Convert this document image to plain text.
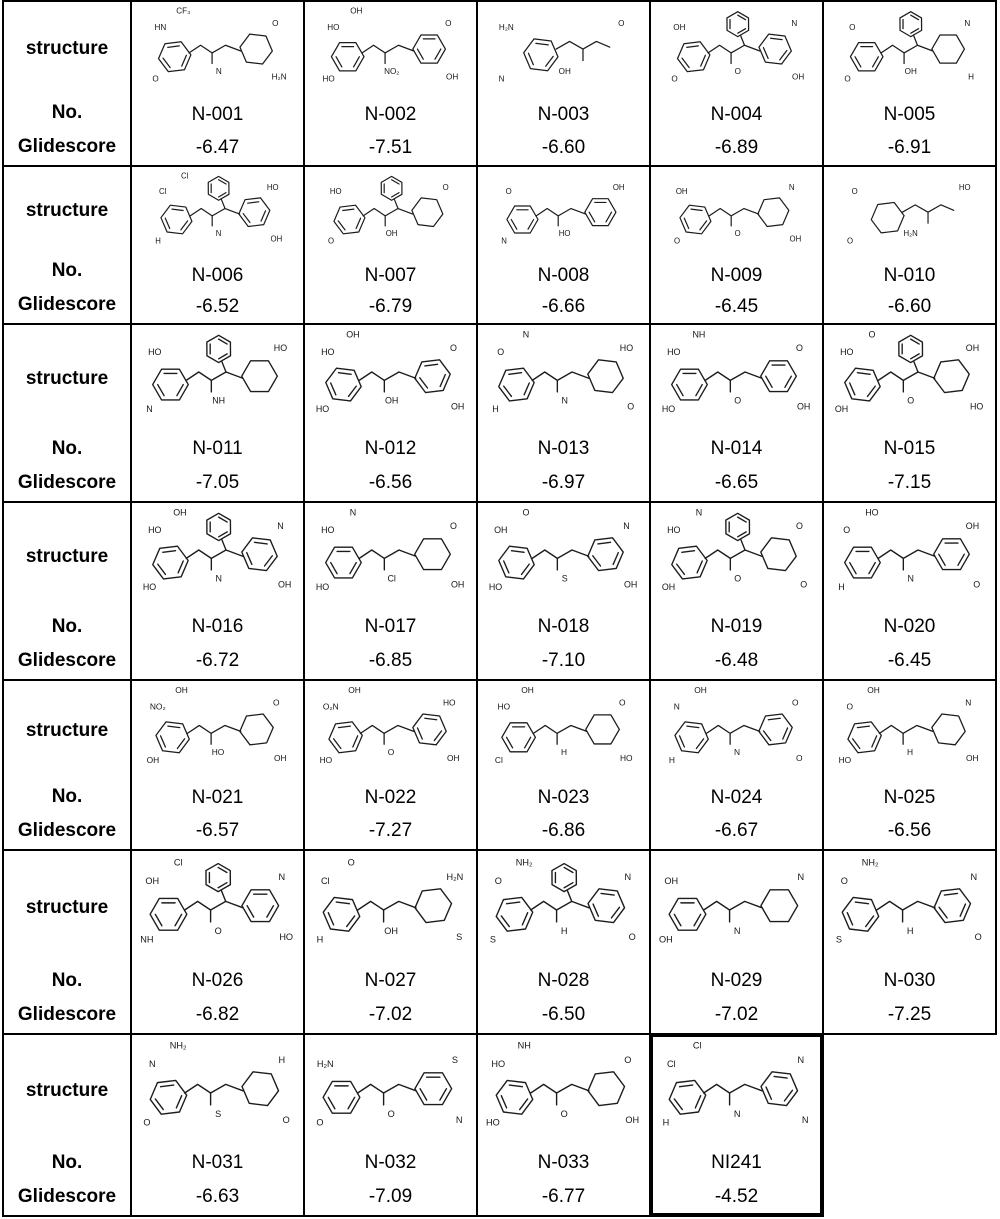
structure
No.
Glidescore
HN	O
N
O	H₂N
CF₃
N-001
-6.47
HO	O
NO₂
HO	OH
OH
N-002
-7.51
H₂N	O
OH
N
N-003
-6.60
OH	N
O
O	OH
N-004
-6.89
O	N
OH
O	H
N-005
-6.91
structure
No.
Glidescore
Cl	HO
N
H	OH
Cl
N-006
-6.52
HO	O
OH
O
N-007
-6.79
O	OH
HO
N
N-008
-6.66
OH	N
O
O	OH
N-009
-6.45
O	HO
H₂N
O
N-010
-6.60
structure
No.
Glidescore
HO	HO
NH
N
N-011
-7.05
HO	O
OH
HO	OH
OH
N-012
-6.56
O	HO
N
H	O
N
N-013
-6.97
HO	O
O
HO	OH
NH
N-014
-6.65
HO	OH
O
OH	HO
O
N-015
-7.15
structure
No.
Glidescore
HO	N
N
HO	OH
OH
N-016
-6.72
HO	O
Cl
HO	OH
N
N-017
-6.85
OH	N
S
HO	OH
O
N-018
-7.10
HO	O
O
OH	O
N
N-019
-6.48
O	OH
N
H	O
HO
N-020
-6.45
structure
No.
Glidescore
NO₂	O
HO
OH	OH
OH
N-021
-6.57
O₂N	HO
O
HO	OH
OH
N-022
-7.27
HO	O
H
Cl	HO
OH
N-023
-6.86
N	O
N
H	O
OH
N-024
-6.67
O	N
H
HO	OH
OH
N-025
-6.56
structure
No.
Glidescore
OH	N
O
NH	HO
Cl
N-026
-6.82
Cl	H₂N
OH
H	S
O
N-027
-7.02
O	N
H
S	O
NH₂
N-028
-6.50
OH	N
N
OH
N-029
-7.02
O	N
H
S	O
NH₂
N-030
-7.25
structure
No.
Glidescore
N	H
S
O	O
NH₂
N-031
-6.63
H₂N	S
O
O	N
N-032
-7.09
HO	O
O
HO	OH
NH
N-033
-6.77
Cl	N
N
H	N
Cl
NI241
-4.52
